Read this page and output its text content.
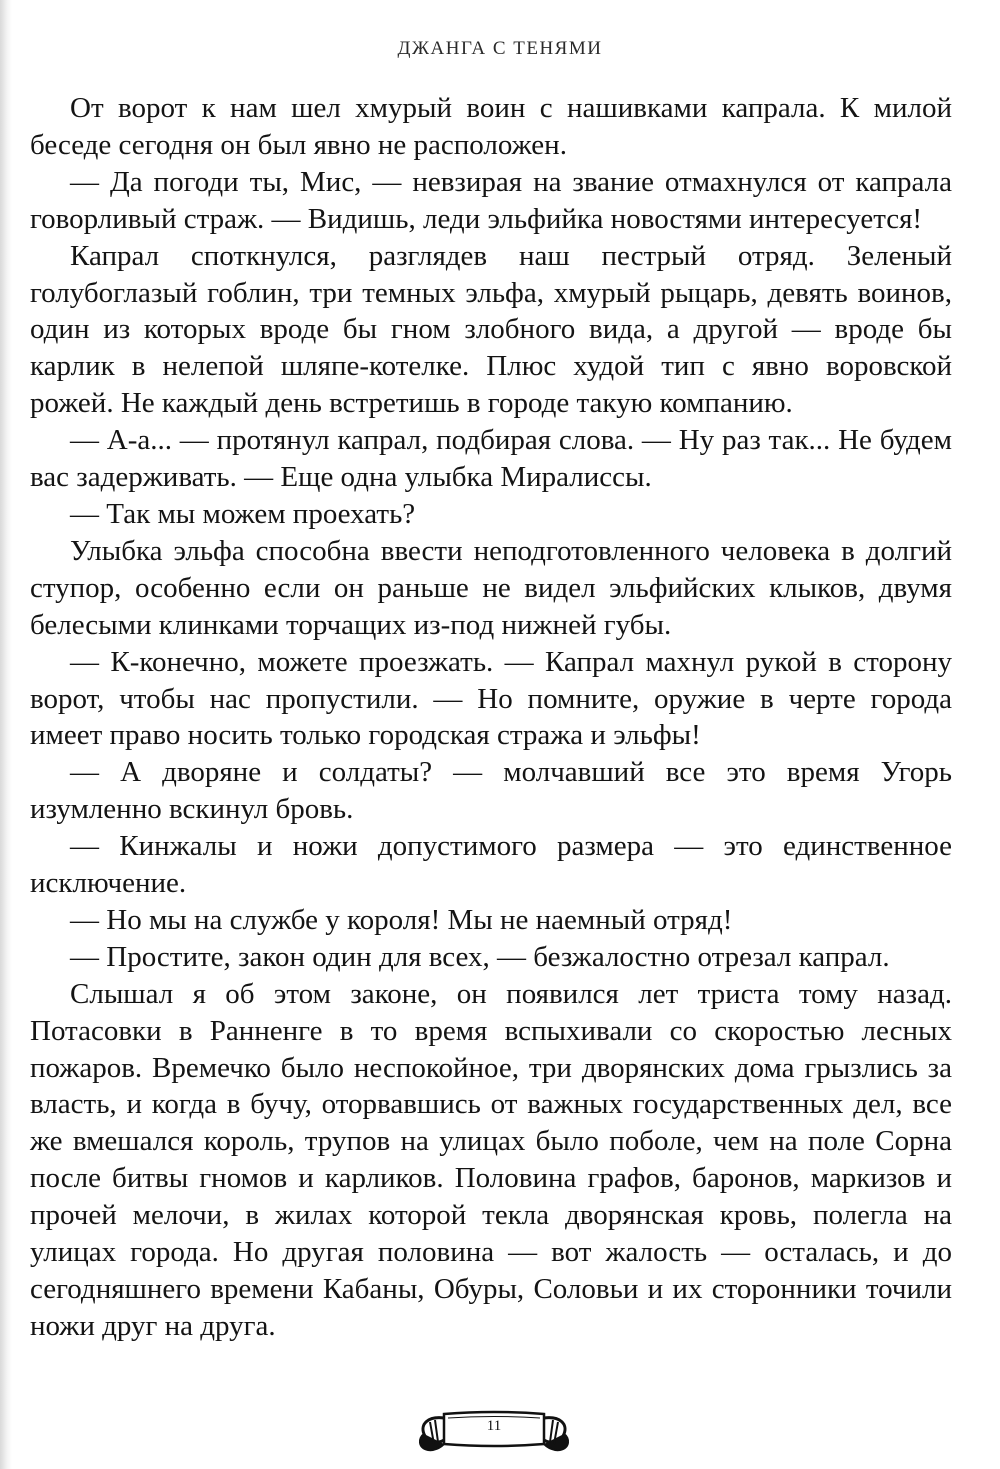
ДЖАНГА С ТЕНЯМИ

От ворот к нам шел хмурый воин с нашивками капрала. К милой беседе сегодня он был явно не расположен.

— Да погоди ты, Мис, — невзирая на звание отмахнулся от капрала говорливый страж. — Видишь, леди эльфийка новостями интересуется!

Капрал споткнулся, разглядев наш пестрый отряд. Зеленый голубоглазый гоблин, три темных эльфа, хмурый рыцарь, девять воинов, один из которых вроде бы гном злобного вида, а другой — вроде бы карлик в нелепой шляпе-котелке. Плюс худой тип с явно воровской рожей. Не каждый день встретишь в городе такую компанию.

— А-а... — протянул капрал, подбирая слова. — Ну раз так... Не будем вас задерживать. — Еще одна улыбка Миралиссы.

— Так мы можем проехать?

Улыбка эльфа способна ввести неподготовленного человека в долгий ступор, особенно если он раньше не видел эльфийских клыков, двумя белесыми клинками торчащих из-под нижней губы.

— К-конечно, можете проезжать. — Капрал махнул рукой в сторону ворот, чтобы нас пропустили. — Но помните, оружие в черте города имеет право носить только городская стража и эльфы!

— А дворяне и солдаты? — молчавший все это время Угорь изумленно вскинул бровь.

— Кинжалы и ножи допустимого размера — это единственное исключение.

— Но мы на службе у короля! Мы не наемный отряд!

— Простите, закон один для всех, — безжалостно отрезал капрал.

Слышал я об этом законе, он появился лет триста тому назад. Потасовки в Ранненге в то время вспыхивали со скоростью лесных пожаров. Времечко было неспокойное, три дворянских дома грызлись за власть, и когда в бучу, оторвавшись от важных государственных дел, все же вмешался король, трупов на улицах было поболе, чем на поле Сорна после битвы гномов и карликов. Половина графов, баронов, маркизов и прочей мелочи, в жилах которой текла дворянская кровь, полегла на улицах города. Но другая половина — вот жалость — осталась, и до сегодняшнего времени Кабаны, Обуры, Соловьи и их сторонники точили ножи друг на друга.

11
